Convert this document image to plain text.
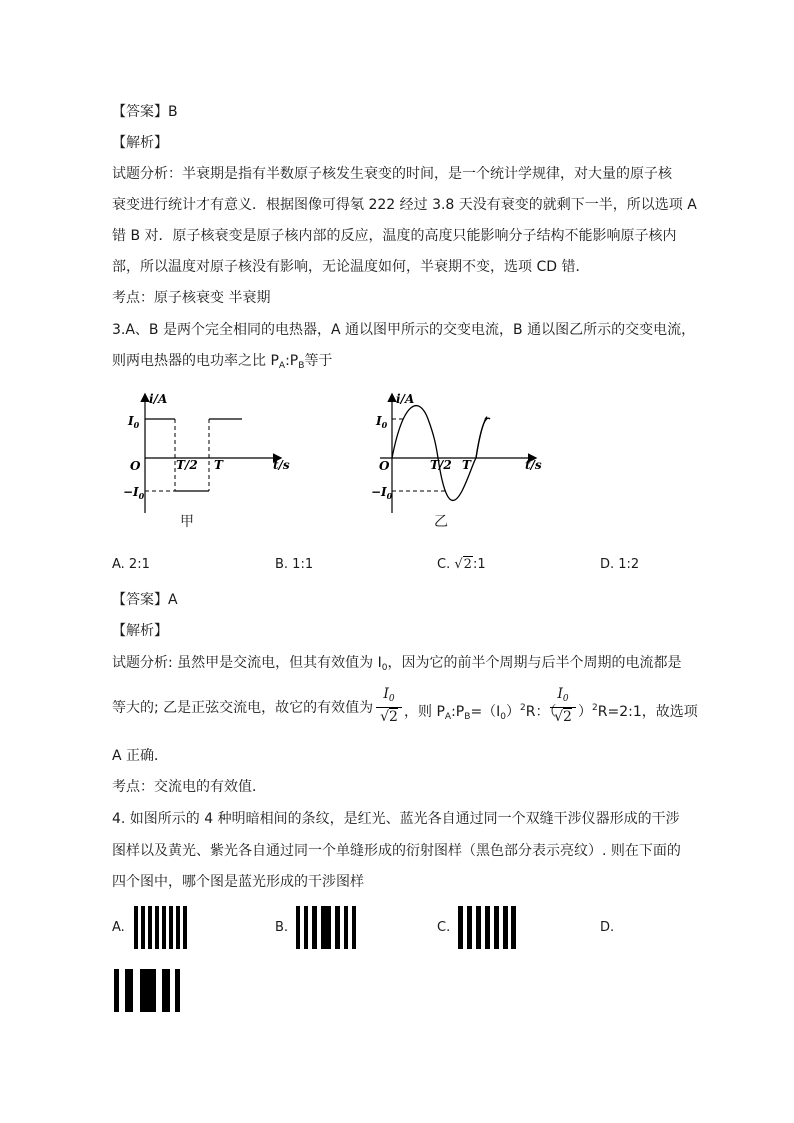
【答案】B
【解析】
试题分析：半衰期是指有半数原子核发生衰变的时间，是一个统计学规律，对大量的原子核
衰变进行统计才有意义．根据图像可得氡 222 经过 3.8 天没有衰变的就剩下一半，所以选项 A
错 B 对．原子核衰变是原子核内部的反应，温度的高度只能影响分子结构不能影响原子核内
部，所以温度对原子核没有影响，无论温度如何，半衰期不变，选项 CD 错．
考点：原子核衰变 半衰期
3.A、B 是两个完全相同的电热器，A 通以图甲所示的交变电流，B 通以图乙所示的交变电流，
则两电热器的电功率之比 $P_A:P_B$等于
i/A
t/s
O
$I_0$
$-I_0$
T/2 T
甲
i/A
t/s
O
$I_0$
$-I_0$
T/2 T
乙
A. 2:1	B. 1:1	C. √2:1	D. 1:2
【答案】A
【解析】
试题分析: 虽然甲是交流电，但其有效值为 $I_0$，因为它的前半个周期与后半个周期的电流都是
等大的; 乙是正弦交流电，故它的有效值为 $\frac{I_0}{√2}$ ，则 $P_A:P_B=(I_0)^2R$：（
$\frac{I_0}{√2}$ ）$^2$R=2:1，故选项
A 正确．
考点：交流电的有效值．
4. 如图所示的 4 种明暗相间的条纹，是红光、蓝光各自通过同一个双缝干涉仪器形成的干涉
图样以及黄光、紫光各自通过同一个单缝形成的衍射图样（黑色部分表示亮纹）. 则在下面的
四个图中，哪个图是蓝光形成的干涉图样
A.	B.	C.	D.
